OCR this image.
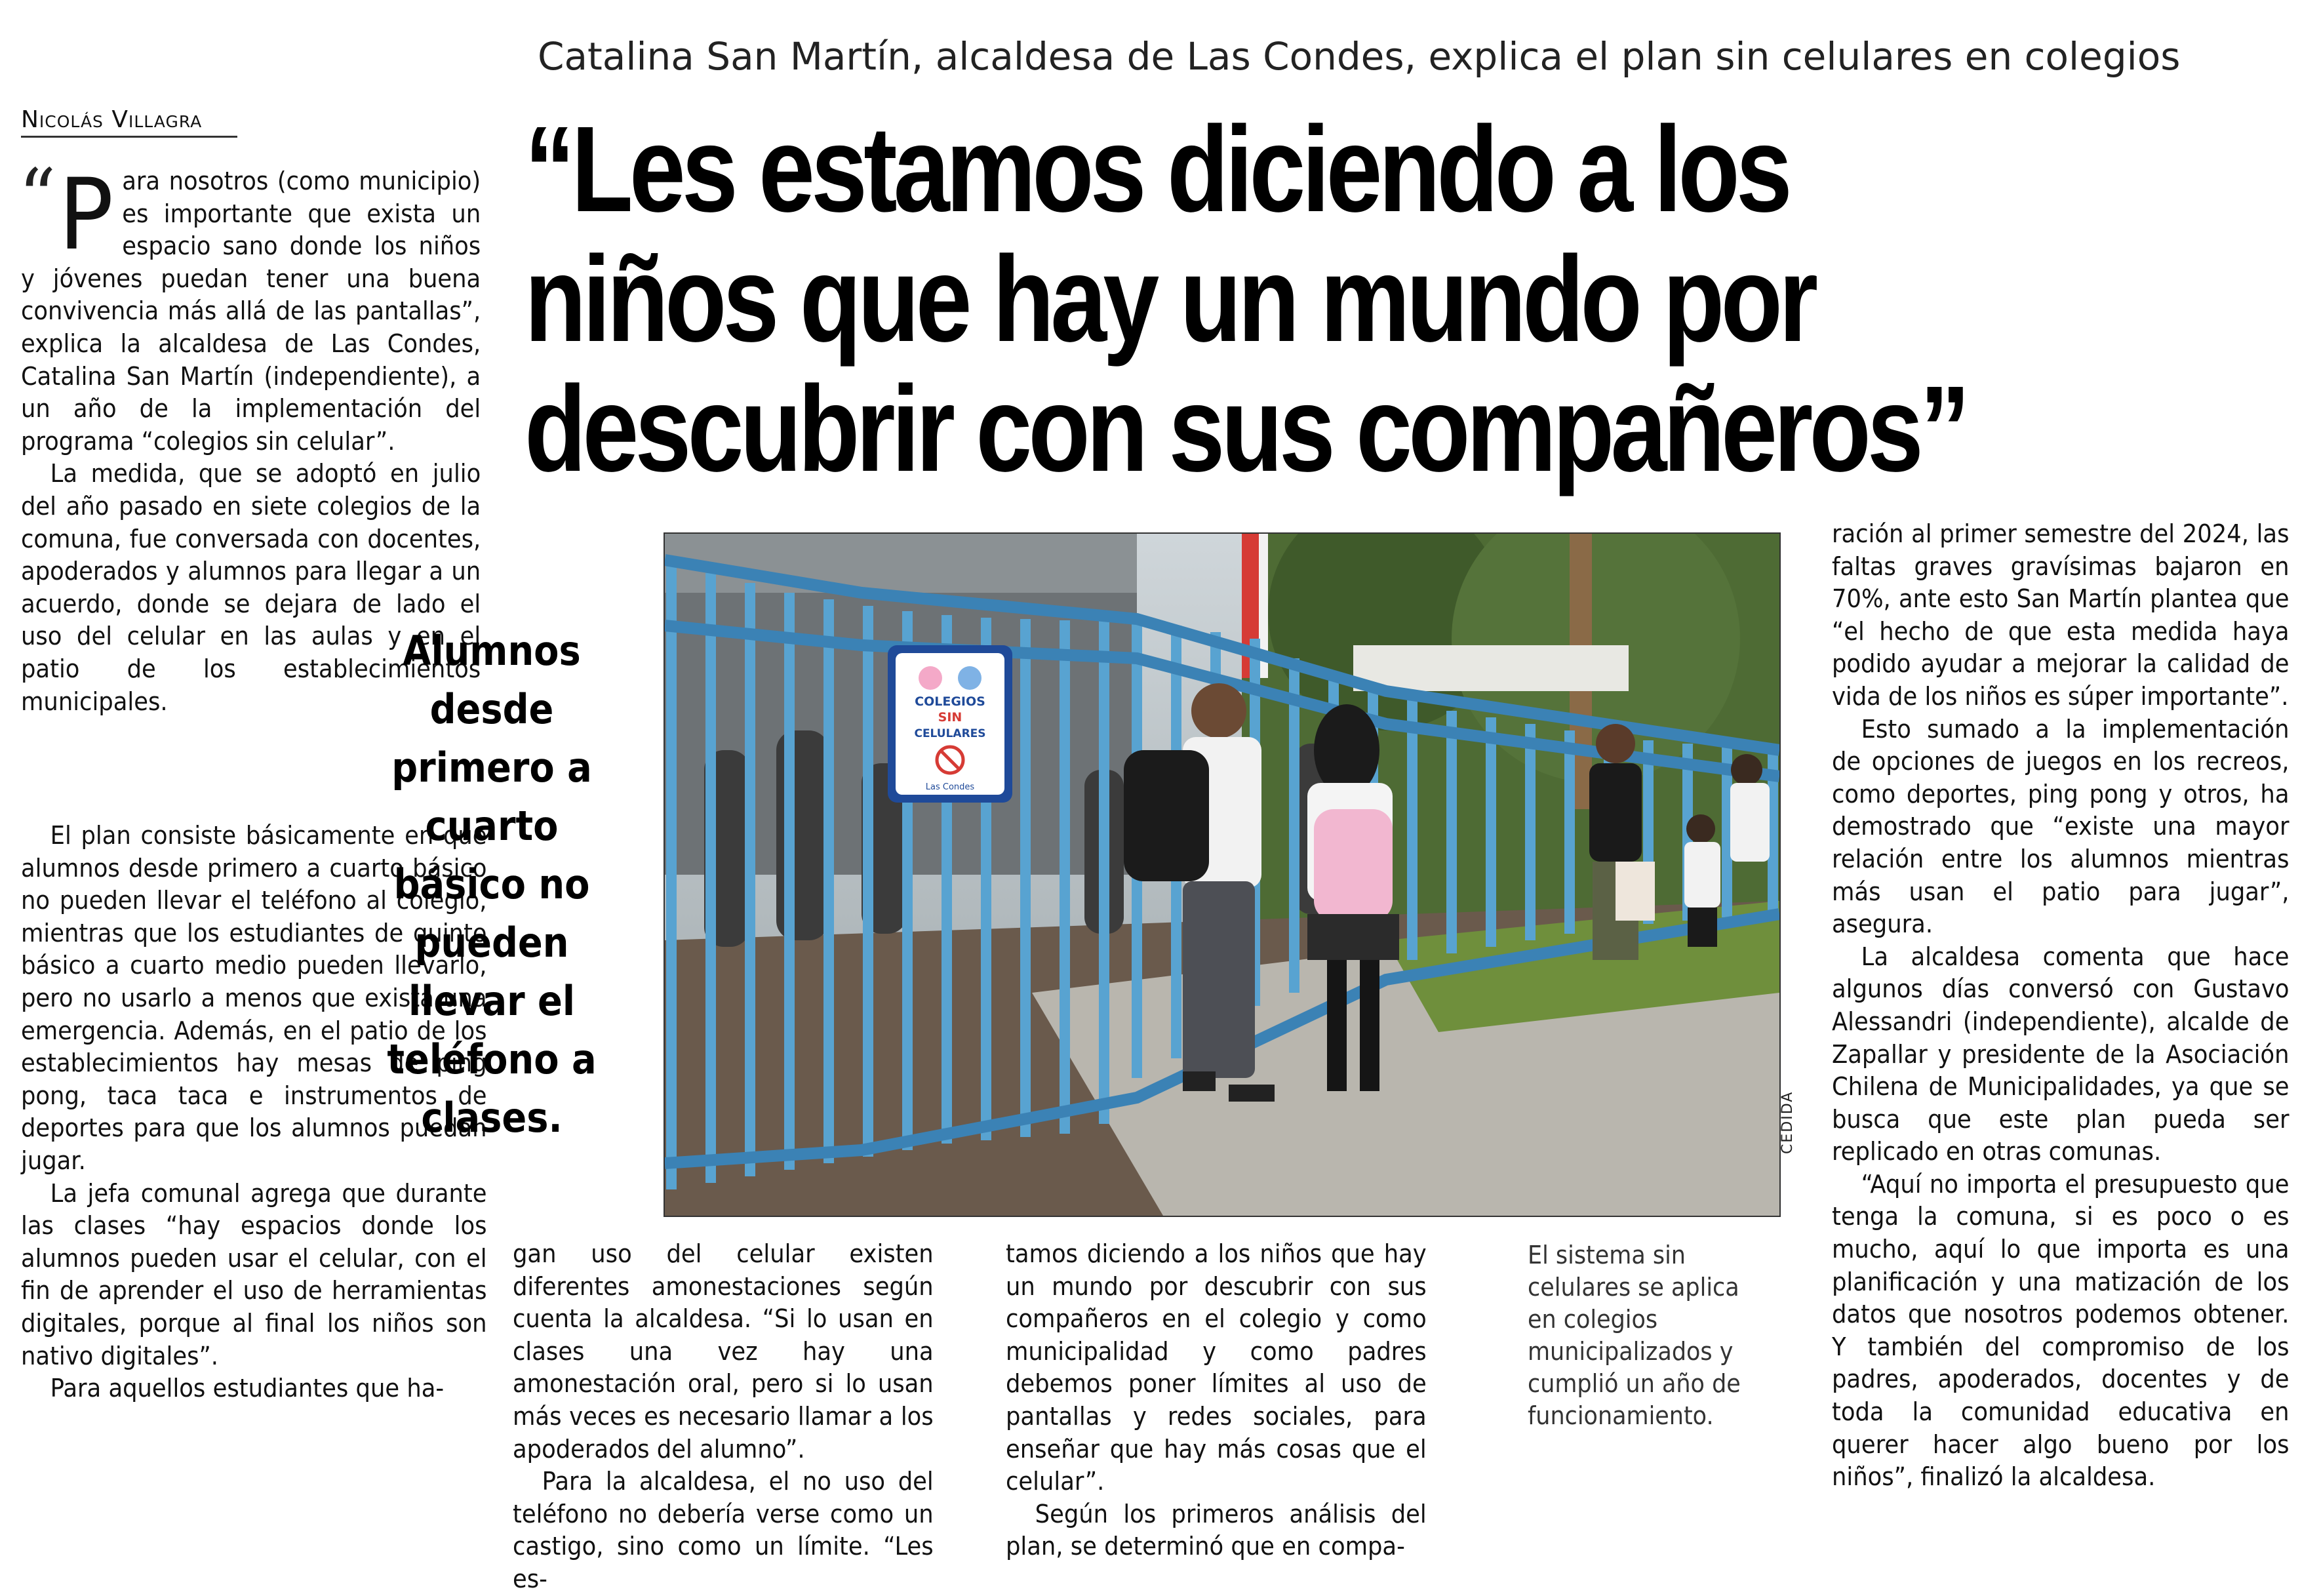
Catalina San Martín, alcaldesa de Las Condes, explica el plan sin celulares en colegios
Nicolás Villagra	“Les estamos diciendo a los
niños que hay un mundo por
descubrir con sus compañeros”

“P ara nosotros (como municipio) es importante que exista un espacio sano donde los niños y jóvenes puedan tener una buena convivencia más allá de las pantallas”, explica la alcaldesa de Las Condes, Catalina San Martín (independiente), a un año de la implementación del programa “colegios sin celular”.

La medida, que se adoptó en julio del año pasado en siete colegios de la comuna, fue conversada con docentes, apoderados y alumnos para llegar a un acuerdo, donde se dejara de lado el uso del celular en las aulas y en el patio de los establecimientos municipales.

El plan consiste básicamente en que alumnos desde primero a cuarto básico no pueden llevar el teléfono al colegio, mientras que los estudiantes de quinto básico a cuarto medio pueden llevarlo, pero no usarlo a menos que exista una emergencia. Además, en el patio de los establecimientos hay mesas de ping pong, taca taca e instrumentos de deportes para que los alumnos puedan jugar.

La jefa comunal agrega que durante las clases “hay espacios donde los alumnos pueden usar el celular, con el fin de aprender el uso de herramientas digitales, porque al final los niños son nativo digitales”.

Para aquellos estudiantes que ha-

Alumnos desde primero a cuarto básico no pueden llevar el teléfono a clases.
COLEGIOS
SIN
CELULARES
Las Condes
CEDIDA

gan uso del celular existen diferentes amonestaciones según cuenta la alcaldesa. “Si lo usan en clases una vez hay una amonestación oral, pero si lo usan más veces es necesario llamar a los apoderados del alumno”.

Para la alcaldesa, el no uso del teléfono no debería verse como un castigo, sino como un límite. “Les es-

tamos diciendo a los niños que hay un mundo por descubrir con sus compañeros en el colegio y como municipalidad y como padres debemos poner límites al uso de pantallas y redes sociales, para enseñar que hay más cosas que el celular”.

Según los primeros análisis del plan, se determinó que en compa-

El sistema sin celulares se aplica en colegios municipalizados y cumplió un año de funcionamiento.

ración al primer semestre del 2024, las faltas graves gravísimas bajaron en 70%, ante esto San Martín plantea que “el hecho de que esta medida haya podido ayudar a mejorar la calidad de vida de los niños es súper importante”.

Esto sumado a la implementación de opciones de juegos en los recreos, como deportes, ping pong y otros, ha demostrado que “existe una mayor relación entre los alumnos mientras más usan el patio para jugar”, asegura.

La alcaldesa comenta que hace algunos días conversó con Gustavo Alessandri (independiente), alcalde de Zapallar y presidente de la Asociación Chilena de Municipalidades, ya que se busca que este plan pueda ser replicado en otras comunas.

“Aquí no importa el presupuesto que tenga la comuna, si es poco o es mucho, aquí lo que importa es una planificación y una matización de los datos que nosotros podemos obtener. Y también del compromiso de los padres, apoderados, docentes y de toda la comunidad educativa en querer hacer algo bueno por los niños”, finalizó la alcaldesa.
